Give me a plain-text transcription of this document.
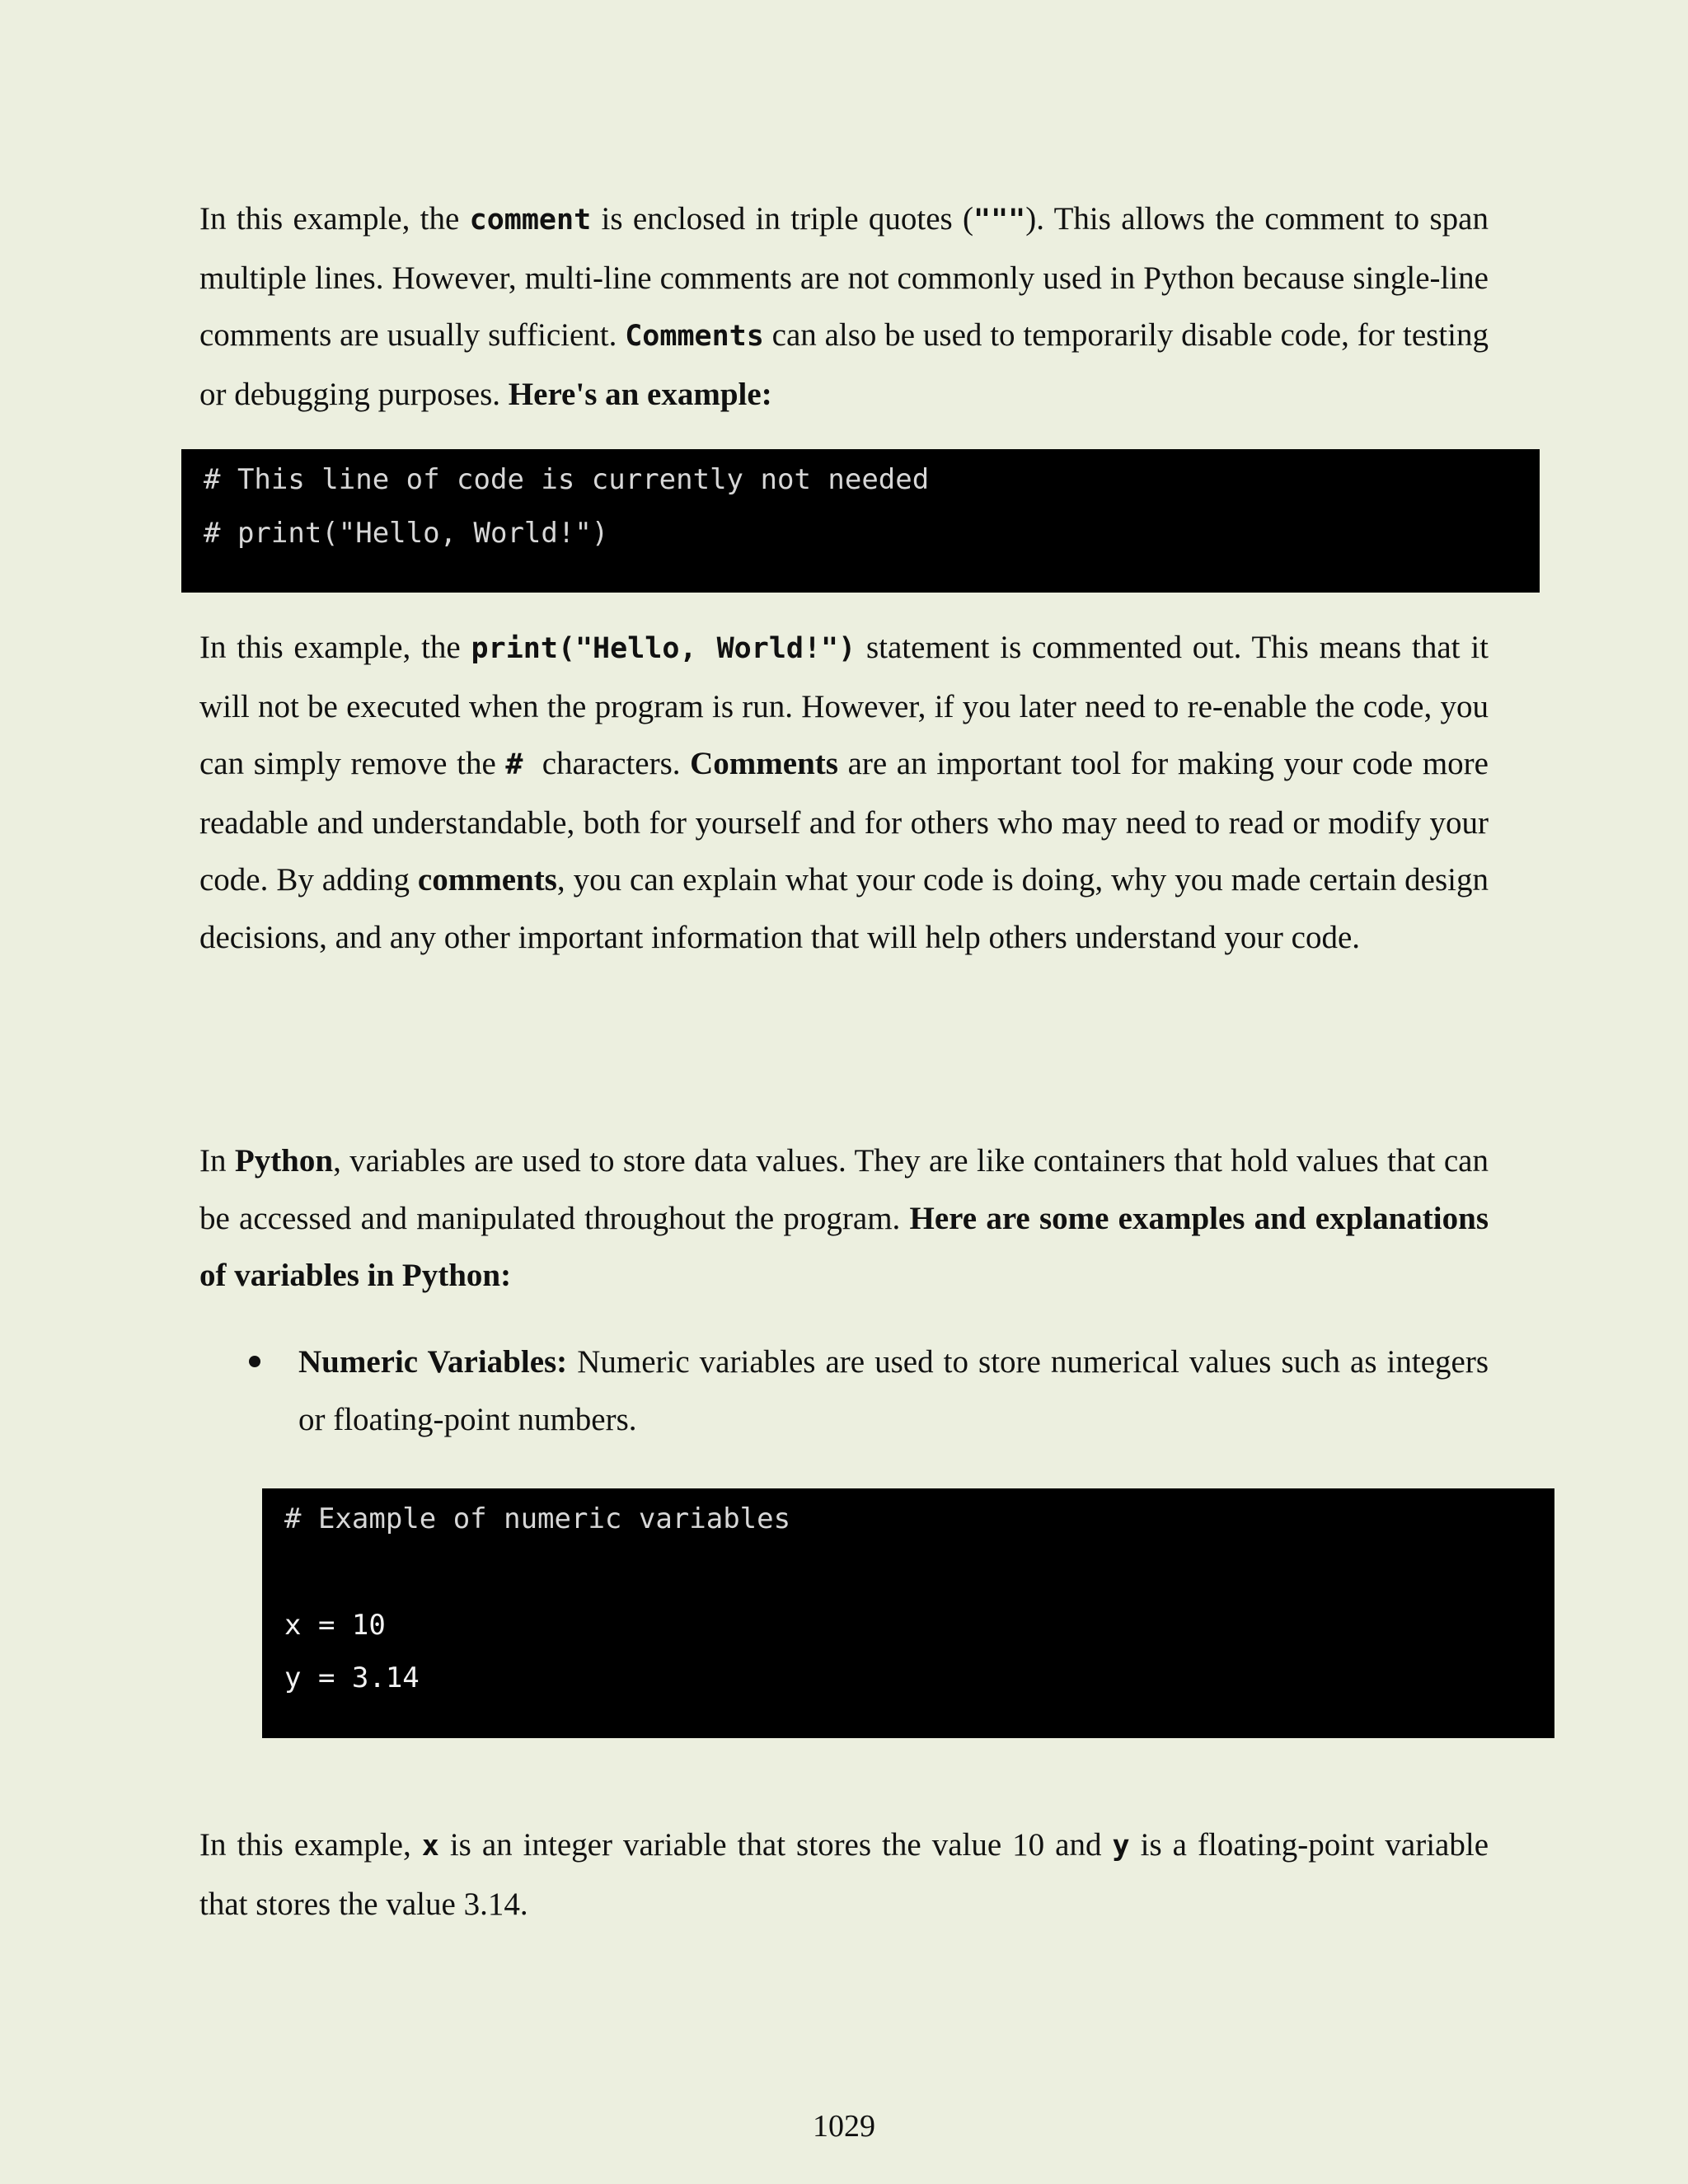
In this example, the comment is enclosed in triple quotes ("""). This allows the comment to span multiple lines. However, multi-line comments are not commonly used in Python because single-line comments are usually sufficient. Comments can also be used to temporarily disable code, for testing or debugging purposes. Here's an example:

# This line of code is currently not needed
# print("Hello, World!")

In this example, the print("Hello, World!") statement is commented out. This means that it will not be executed when the program is run. However, if you later need to re-enable the code, you can simply remove the #  characters. Comments are an important tool for making your code more readable and understandable, both for yourself and for others who may need to read or modify your code. By adding comments, you can explain what your code is doing, why you made certain design decisions, and any other important information that will help others understand your code.

In Python, variables are used to store data values. They are like containers that hold values that can be accessed and manipulated throughout the program. Here are some examples and explanations of variables in Python:

Numeric Variables: Numeric variables are used to store numerical values such as integers or floating-point numbers.

# Example of numeric variables
x = 10
y = 3.14

In this example, x is an integer variable that stores the value 10 and y is a floating-point variable that stores the value 3.14.

1029
